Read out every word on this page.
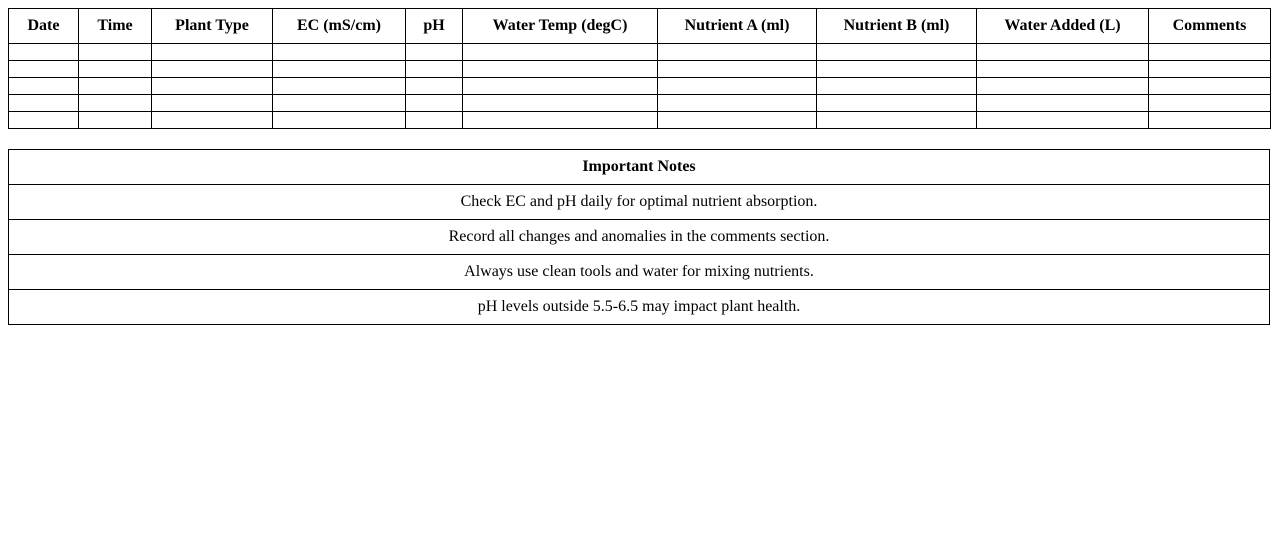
Date	Time	Plant Type	EC (mS/cm)	pH	Water Temp (degC)	Nutrient A (ml)	Nutrient B (ml)	Water Added (L)	Comments

Important Notes
Check EC and pH daily for optimal nutrient absorption.
Record all changes and anomalies in the comments section.
Always use clean tools and water for mixing nutrients.
pH levels outside 5.5-6.5 may impact plant health.
